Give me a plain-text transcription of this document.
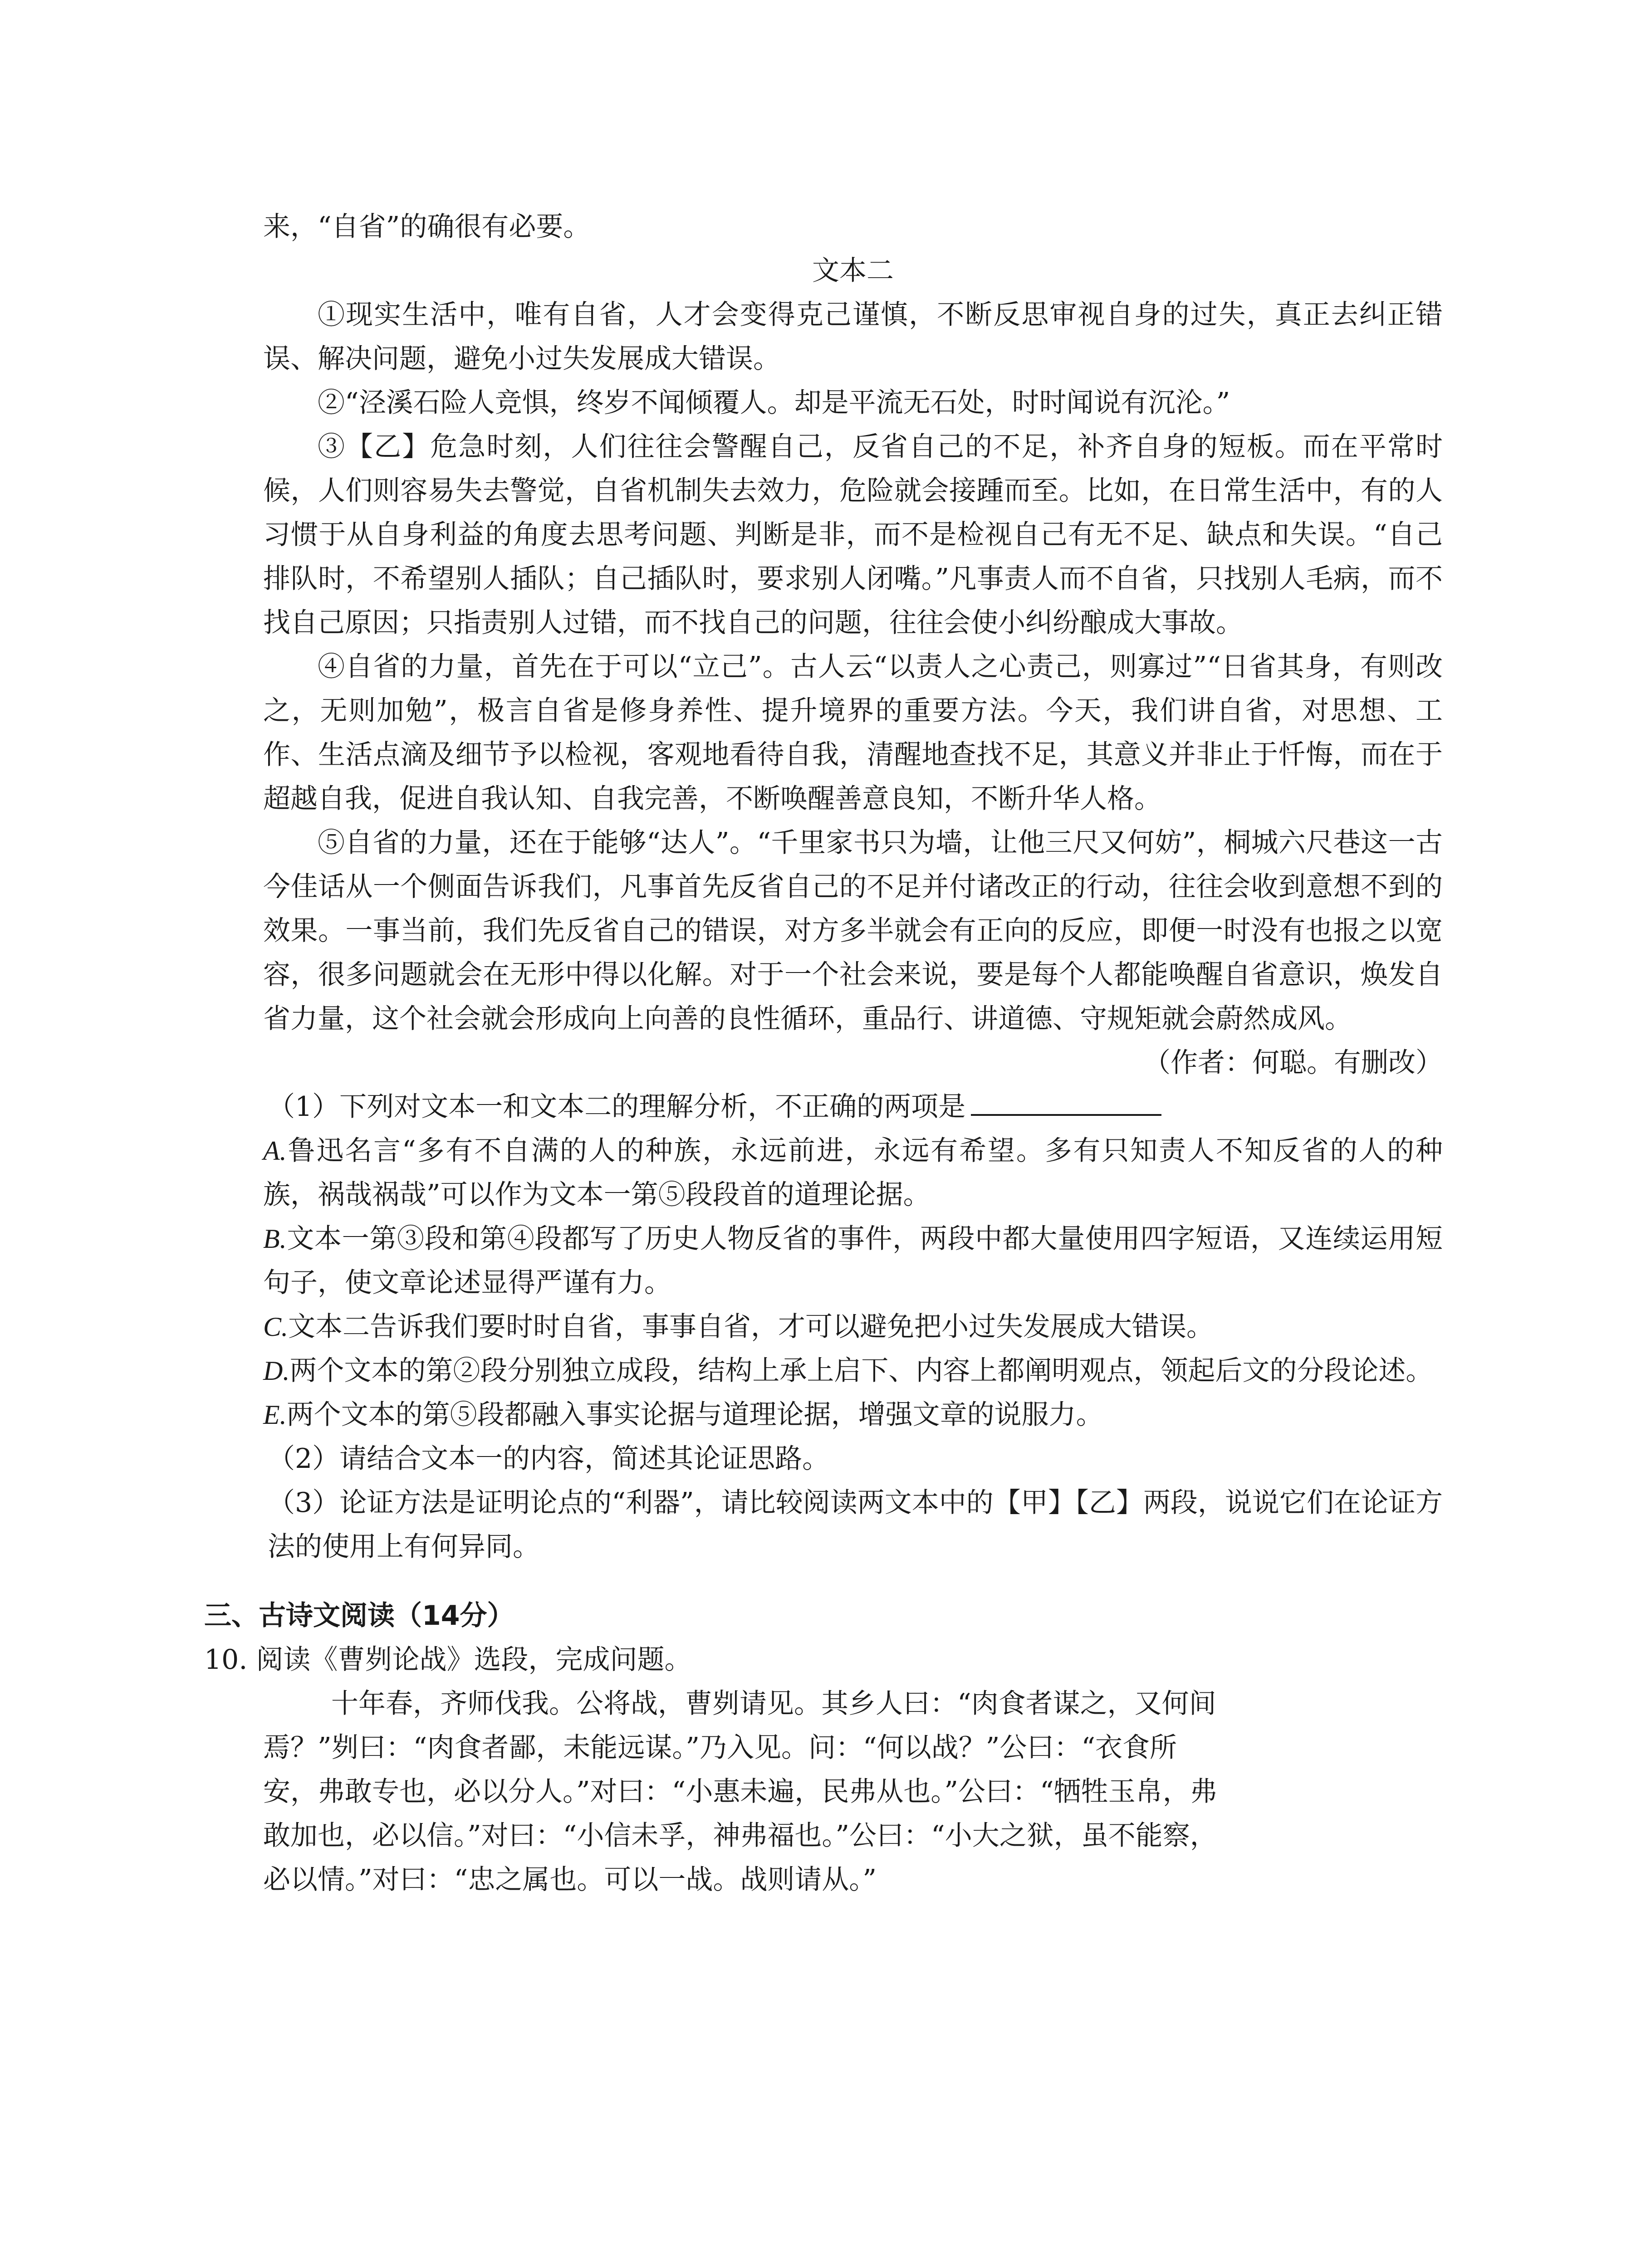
来，“自省”的确很有必要。

文本二

①现实生活中，唯有自省，人才会变得克己谨慎，不断反思审视自身的过失，真正去纠正错误、解决问题，避免小过失发展成大错误。

②“泾溪石险人竞惧，终岁不闻倾覆人。却是平流无石处，时时闻说有沉沦。”

③【乙】危急时刻，人们往往会警醒自己，反省自己的不足，补齐自身的短板。而在平常时候，人们则容易失去警觉，自省机制失去效力，危险就会接踵而至。比如，在日常生活中，有的人习惯于从自身利益的角度去思考问题、判断是非，而不是检视自己有无不足、缺点和失误。“自己排队时，不希望别人插队；自己插队时，要求别人闭嘴。”凡事责人而不自省，只找别人毛病，而不找自己原因；只指责别人过错，而不找自己的问题，往往会使小纠纷酿成大事故。

④自省的力量，首先在于可以“立己”。古人云“以责人之心责己，则寡过”“日省其身，有则改之，无则加勉”，极言自省是修身养性、提升境界的重要方法。今天，我们讲自省，对思想、工作、生活点滴及细节予以检视，客观地看待自我，清醒地查找不足，其意义并非止于忏悔，而在于超越自我，促进自我认知、自我完善，不断唤醒善意良知，不断升华人格。

⑤自省的力量，还在于能够“达人”。“千里家书只为墙，让他三尺又何妨”，桐城六尺巷这一古今佳话从一个侧面告诉我们，凡事首先反省自己的不足并付诸改正的行动，往往会收到意想不到的效果。一事当前，我们先反省自己的错误，对方多半就会有正向的反应，即便一时没有也报之以宽容，很多问题就会在无形中得以化解。对于一个社会来说，要是每个人都能唤醒自省意识，焕发自省力量，这个社会就会形成向上向善的良性循环，重品行、讲道德、守规矩就会蔚然成风。

（作者：何聪。有删改）

（1）下列对文本一和文本二的理解分析，不正确的两项是

A.鲁迅名言“多有不自满的人的种族，永远前进，永远有希望。多有只知责人不知反省的人的种族，祸哉祸哉”可以作为文本一第⑤段段首的道理论据。

B.文本一第③段和第④段都写了历史人物反省的事件，两段中都大量使用四字短语，又连续运用短句子，使文章论述显得严谨有力。

C.文本二告诉我们要时时自省，事事自省，才可以避免把小过失发展成大错误。

D.两个文本的第②段分别独立成段，结构上承上启下、内容上都阐明观点，领起后文的分段论述。

E.两个文本的第⑤段都融入事实论据与道理论据，增强文章的说服力。

（2）请结合文本一的内容，简述其论证思路。

（3）论证方法是证明论点的“利器”，请比较阅读两文本中的【甲】【乙】两段，说说它们在论证方法的使用上有何异同。

三、古诗文阅读（14分）

10. 阅读《曹刿论战》选段，完成问题。

十年春，齐师伐我。公将战，曹刿请见。其乡人曰：“肉食者谋之，又何间

焉？”刿曰：“肉食者鄙，未能远谋。”乃入见。问：“何以战？”公曰：“衣食所

安，弗敢专也，必以分人。”对曰：“小惠未遍，民弗从也。”公曰：“牺牲玉帛，弗

敢加也，必以信。”对曰：“小信未孚，神弗福也。”公曰：“小大之狱，虽不能察，

必以情。”对曰：“忠之属也。可以一战。战则请从。”
